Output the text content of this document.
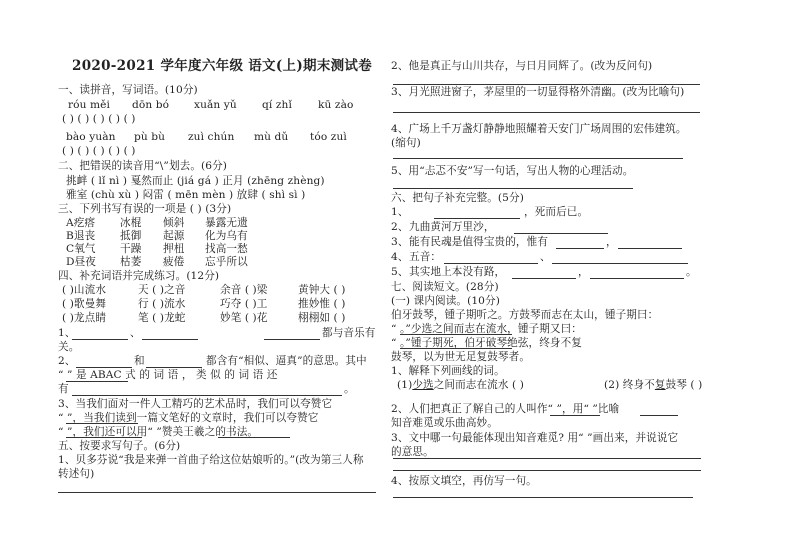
2020-2021 学年度六年级 语文(上)期末测试卷
一、读拼音，写词语。(10分)
róu měi dōn bó xuǎn yǔ qí zhǐ kū zào
( ) ( ) ( ) ( ) ( )
bào yuàn pù bù zuì chún mù dǔ tóo zuì
( ) ( ) ( ) ( ) ( )
二、把错误的读音用“\”划去。(6分)
挑衅 ( lǐ nì ) 戛然而止 (jiá gá ) 正月 (zhēng zhèng)
雅室 (chù xù ) 闷雷 ( mēn mèn ) 放肆 ( shì sì )
三、下列书写有误的一项是 ( ) (3分)
A疙瘩 冰棍 倾斜 暴露无遗
B退丧 抵御 起源 化为乌有
C氧气 干躁 押杻 找高一愁
D昼夜 枯萎 疲倦 忘乎所以
四、补充词语并完成练习。(12分)
( )山流水	天 ( )之音	余音 ( )梁	黄钟大 ( )
( )歌曼舞	行 ( )流水	巧夺 ( )工	推妙惟 ( )
( )龙点睛	笔 ( )龙蛇	妙笔 ( )花	栩栩如 ( )
1、	、	都与音乐有
关。
2、	和	都含有“相似、逼真”的意思。其中
“ ” 是 ABAC 式 的 词 语 ， 类 似 的 词 语 还
有	。
3、当我们面对一件人工精巧的艺术品时，我们可以夸赞它
“ ”，当我们读到一篇文笔好的文章时，我们可以夸赞它
“ ”，我们还可以用“ ”赞美王羲之的书法。
五、按要求写句子。(6分)
1、贝多芬说“我是来弹一首曲子给这位姑娘听的。”(改为第三人称
转述句)
2、他是真正与山川共存，与日月同辉了。(改为反问句)
3、月光照进窗子，茅屋里的一切显得格外清幽。(改为比喻句)
4、广场上千万盏灯静静地照耀着天安门广场周围的宏伟建筑。
(缩句)
5、用“忐忑不安”写一句话，写出人物的心理活动。
六、把句子补充完整。(5分)
1、	，死而后已。
2、 九曲黄河万里沙，
3、 能有民魂是值得宝贵的，惟有	，
4、 五音：	、
5、 其实地上本没有路，	，	。
七、阅读短文。(28分)
(一) 课内阅读。(10分)
伯牙鼓琴，锺子期听之。方鼓琴而志在太山，锺子期曰：
“ 。”少选之间而志在流水，锺子期又曰：
“ 。”锺子期死，伯牙破琴绝弦，终身不复
鼓琴，以为世无足复鼓琴者。
1、解释下列画线的词。
(1)少选之间而志在流水 ( )	(2) 终身不复鼓琴 ( )
2、人们把真正了解自己的人叫作“ ”，用“ ”比喻
知音难觅或乐曲高妙。
3、文中哪一句最能体现出知音难觅? 用“ ”画出来，并说说它
的意思。
4、按原文填空，再仿写一句。
